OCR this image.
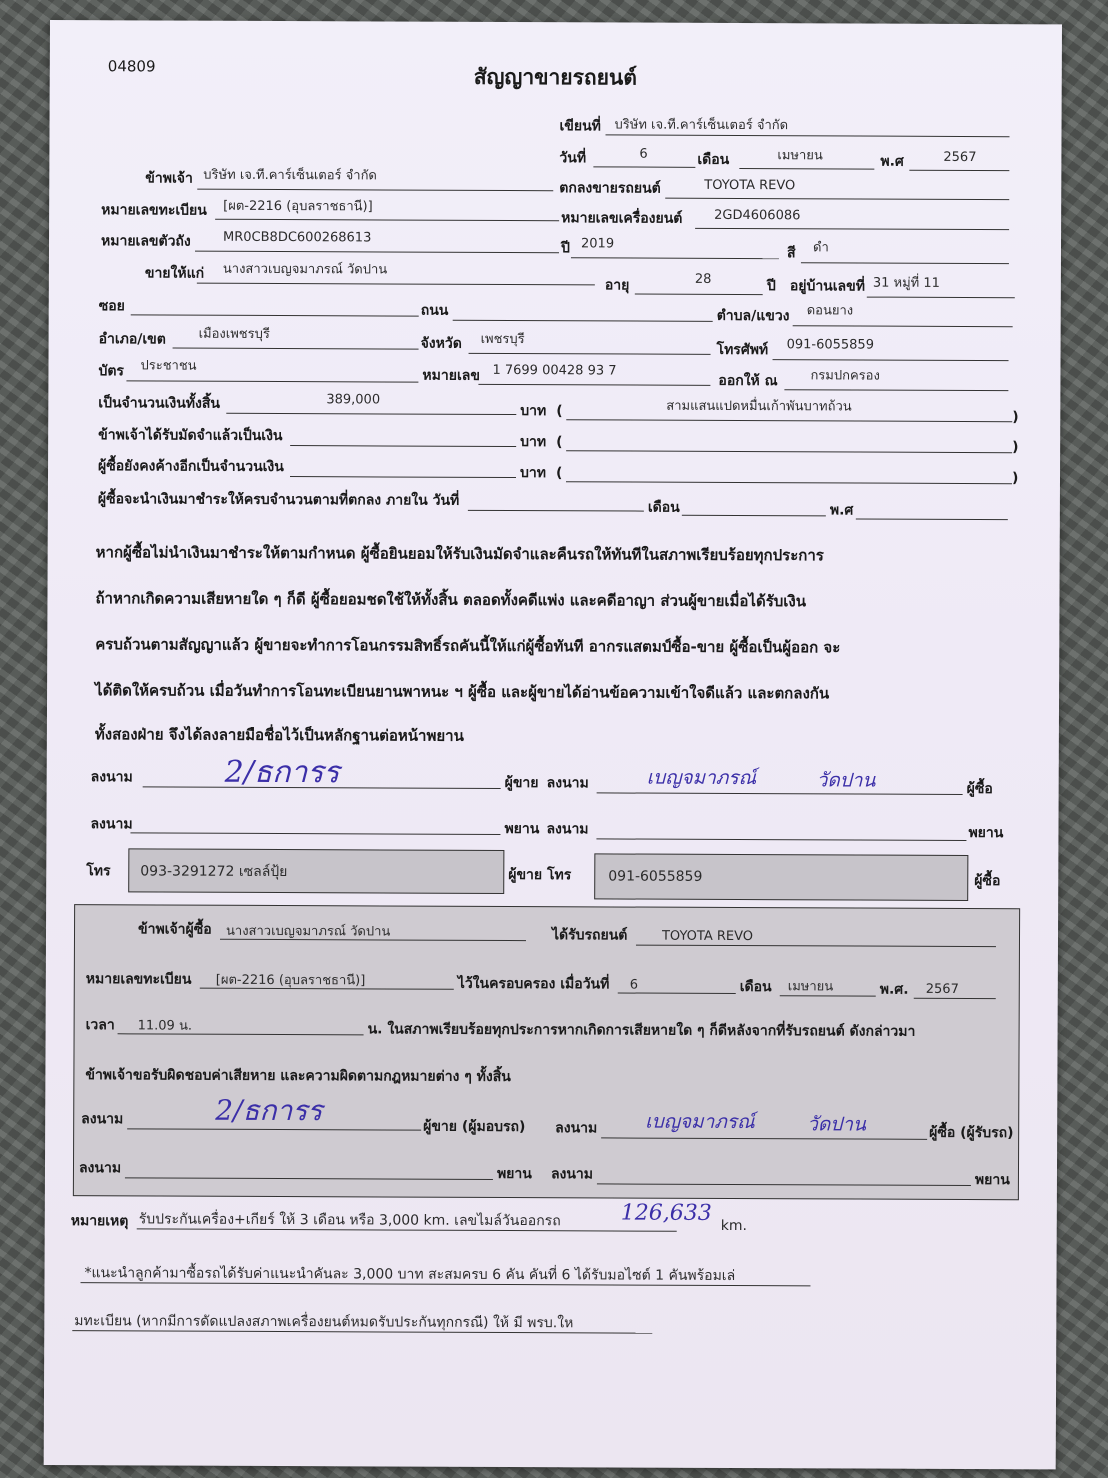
04809	สัญญาขายรถยนต์
เขียนที่ บริษัท เจ.ที.คาร์เซ็นเตอร์ จำกัด
วันที่	6	เดือน	เมษายน	พ.ศ	2567
ข้าพเจ้า บริษัท เจ.ที.คาร์เซ็นเตอร์ จำกัด
ตกลงขายรถยนต์	TOYOTA REVO
หมายเลขทะเบียน [ผต-2216 (อุบลราชธานี)]
หมายเลขเครื่องยนต์ 2GD4606086
หมายเลขตัวถัง MR0CB8DC600268613
ปี 2019
สี ดำ
ขายให้แก่ นางสาวเบญจมาภรณ์ วัดปาน
อายุ	28	ปี อยู่บ้านเลขที่ 31 หมู่ที่ 11
ซอย	ถนน	ตำบล/แขวง ดอนยาง
อำเภอ/เขต	เมืองเพชรบุรี
จังหวัด เพชรบุรี
โทรศัพท์ 091-6055859
บัตร ประชาชน
หมายเลข 1 7699 00428 93 7
ออกให้ ณ	กรมปกครอง
เป็นจำนวนเงินทั้งสิ้น	389,000
บาท (	สามแสนแปดหมื่นเก้าพันบาทถ้วน
)
ข้าพเจ้าได้รับมัดจำแล้วเป็นเงิน	บาท (	)
ผู้ซื้อยังคงค้างอีกเป็นจำนวนเงิน	บาท (	)
ผู้ซื้อจะนำเงินมาชำระให้ครบจำนวนตามที่ตกลง ภายใน วันที่	เดือน	พ.ศ
หากผู้ซื้อไม่นำเงินมาชำระให้ตามกำหนด ผู้ซื้อยินยอมให้รับเงินมัดจำและคืนรถให้ทันทีในสภาพเรียบร้อยทุกประการ
ถ้าหากเกิดความเสียหายใด ๆ ก็ดี ผู้ซื้อยอมชดใช้ให้ทั้งสิ้น ตลอดทั้งคดีแพ่ง และคดีอาญา ส่วนผู้ขายเมื่อได้รับเงิน
ครบถ้วนตามสัญญาแล้ว ผู้ขายจะทำการโอนกรรมสิทธิ์รถคันนี้ให้แก่ผู้ซื้อทันที อากรแสตมป์ซื้อ-ขาย ผู้ซื้อเป็นผู้ออก จะ
ได้ติดให้ครบถ้วน เมื่อวันทำการโอนทะเบียนยานพาหนะ ฯ ผู้ซื้อ และผู้ขายได้อ่านข้อความเข้าใจดีแล้ว และตกลงกัน
ทั้งสองฝ่าย จึงได้ลงลายมือชื่อไว้เป็นหลักฐานต่อหน้าพยาน
ลงนาม	2/ธการร	ผู้ขาย ลงนาม	เบญจมาภรณ์	วัดปาน	ผู้ซื้อ
ลงนาม	พยาน ลงนาม	พยาน
โทร 093-3291272 เซลล์ปุ้ย	ผู้ขาย โทร	091-6055859	ผู้ซื้อ
ข้าพเจ้าผู้ซื้อ นางสาวเบญจมาภรณ์ วัดปาน	ได้รับรถยนต์	TOYOTA REVO
หมายเลขทะเบียน [ผต-2216 (อุบลราชธานี)]	ไว้ในครอบครอง เมื่อวันที่ 6	เดือน เมษายน	พ.ศ. 2567
เวลา 11.09 น.	น. ในสภาพเรียบร้อยทุกประการหากเกิดการเสียหายใด ๆ ก็ดีหลังจากที่รับรถยนต์ ดังกล่าวมา
ข้าพเจ้าขอรับผิดชอบค่าเสียหาย และความผิดตามกฎหมายต่าง ๆ ทั้งสิ้น
ลงนาม	2/ธการร	ผู้ขาย (ผู้มอบรถ) ลงนาม	เบญจมาภรณ์	วัดปาน	ผู้ซื้อ (ผู้รับรถ)
ลงนาม	พยาน ลงนาม	พยาน
หมายเหตุ รับประกันเครื่อง+เกียร์ ให้ 3 เดือน หรือ 3,000 km. เลขไมล์วันออกรถ	126,633
km.
*แนะนำลูกค้ามาซื้อรถได้รับค่าแนะนำคันละ 3,000 บาท สะสมครบ 6 คัน คันที่ 6 ได้รับมอไซต์ 1 คันพร้อมเล่
มทะเบียน (หากมีการดัดแปลงสภาพเครื่องยนต์หมดรับประกันทุกกรณี) ให้ มี พรบ.ให
